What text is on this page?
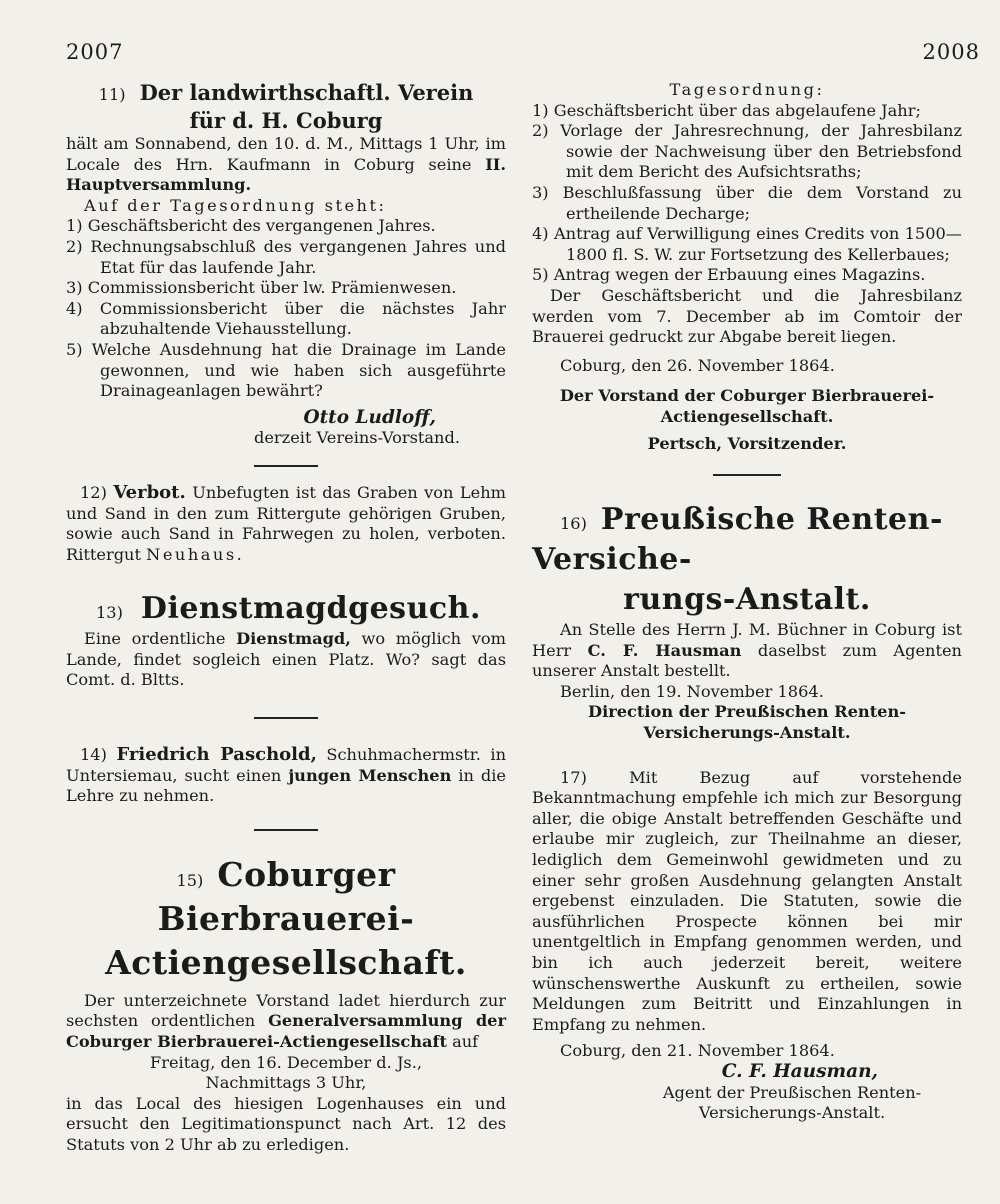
2007	2008

11) Der landwirthschaftl. Verein

für d. H. Coburg

hält am Sonnabend, den 10. d. M., Mittags 1 Uhr, im Locale des Hrn. Kaufmann in Coburg seine II. Hauptversammlung.

Auf der Tagesordnung steht:

1) Geschäftsbericht des vergangenen Jahres.

2) Rechnungsabschluß des vergangenen Jahres und Etat für das laufende Jahr.

3) Commissionsbericht über lw. Prämienwesen.

4) Commissionsbericht über die nächstes Jahr abzuhaltende Viehausstellung.

5) Welche Ausdehnung hat die Drainage im Lande gewonnen, und wie haben sich ausgeführte Drainageanlagen bewährt?

Otto Ludloff,

derzeit Vereins-Vorstand.

12) Verbot. Unbefugten ist das Graben von Lehm und Sand in den zum Rittergute gehörigen Gruben, sowie auch Sand in Fahrwegen zu holen, verboten. Rittergut Neuhaus.

13) Dienstmagdgesuch.

Eine ordentliche Dienstmagd, wo möglich vom Lande, findet sogleich einen Platz. Wo? sagt das Comt. d. Bltts.

14) Friedrich Paschold, Schuhmachermstr. in Untersiemau, sucht einen jungen Menschen in die Lehre zu nehmen.

15) Coburger Bierbrauerei-

Actiengesellschaft.

Der unterzeichnete Vorstand ladet hierdurch zur sechsten ordentlichen Generalversammlung der Coburger Bierbrauerei-Actiengesellschaft auf

Freitag, den 16. December d. Js.,

Nachmittags 3 Uhr,

in das Local des hiesigen Logenhauses ein und ersucht den Legitimationspunct nach Art. 12 des Statuts von 2 Uhr ab zu erledigen.

Tagesordnung:

1) Geschäftsbericht über das abgelaufene Jahr;

2) Vorlage der Jahresrechnung, der Jahresbilanz sowie der Nachweisung über den Betriebsfond mit dem Bericht des Aufsichtsraths;

3) Beschlußfassung über die dem Vorstand zu ertheilende Decharge;

4) Antrag auf Verwilligung eines Credits von 1500—1800 fl. S. W. zur Fortsetzung des Kellerbaues;

5) Antrag wegen der Erbauung eines Magazins.

Der Geschäftsbericht und die Jahresbilanz werden vom 7. December ab im Comtoir der Brauerei gedruckt zur Abgabe bereit liegen.

Coburg, den 26. November 1864.

Der Vorstand der Coburger Bierbrauerei-Actiengesellschaft.

Pertsch, Vorsitzender.

16) Preußische Renten-Versiche-

rungs-Anstalt.

An Stelle des Herrn J. M. Büchner in Coburg ist Herr C. F. Hausman daselbst zum Agenten unserer Anstalt bestellt.

Berlin, den 19. November 1864.

Direction der Preußischen Renten-Versicherungs-Anstalt.

17)	Mit Bezug auf vorstehende Bekanntmachung empfehle ich mich zur Besorgung aller, die obige Anstalt betreffenden Geschäfte und erlaube mir zugleich, zur Theilnahme an dieser, lediglich dem Gemeinwohl gewidmeten und zu einer sehr großen Ausdehnung gelangten Anstalt ergebenst einzuladen. Die Statuten, sowie die ausführlichen Prospecte können bei mir unentgeltlich in Empfang genommen werden, und bin ich auch jederzeit bereit, weitere wünschenswerthe Auskunft zu ertheilen, sowie Meldungen zum Beitritt und Einzahlungen in Empfang zu nehmen.

Coburg, den 21. November 1864.

C. F. Hausman,

Agent der Preußischen Renten-Versicherungs-Anstalt.
